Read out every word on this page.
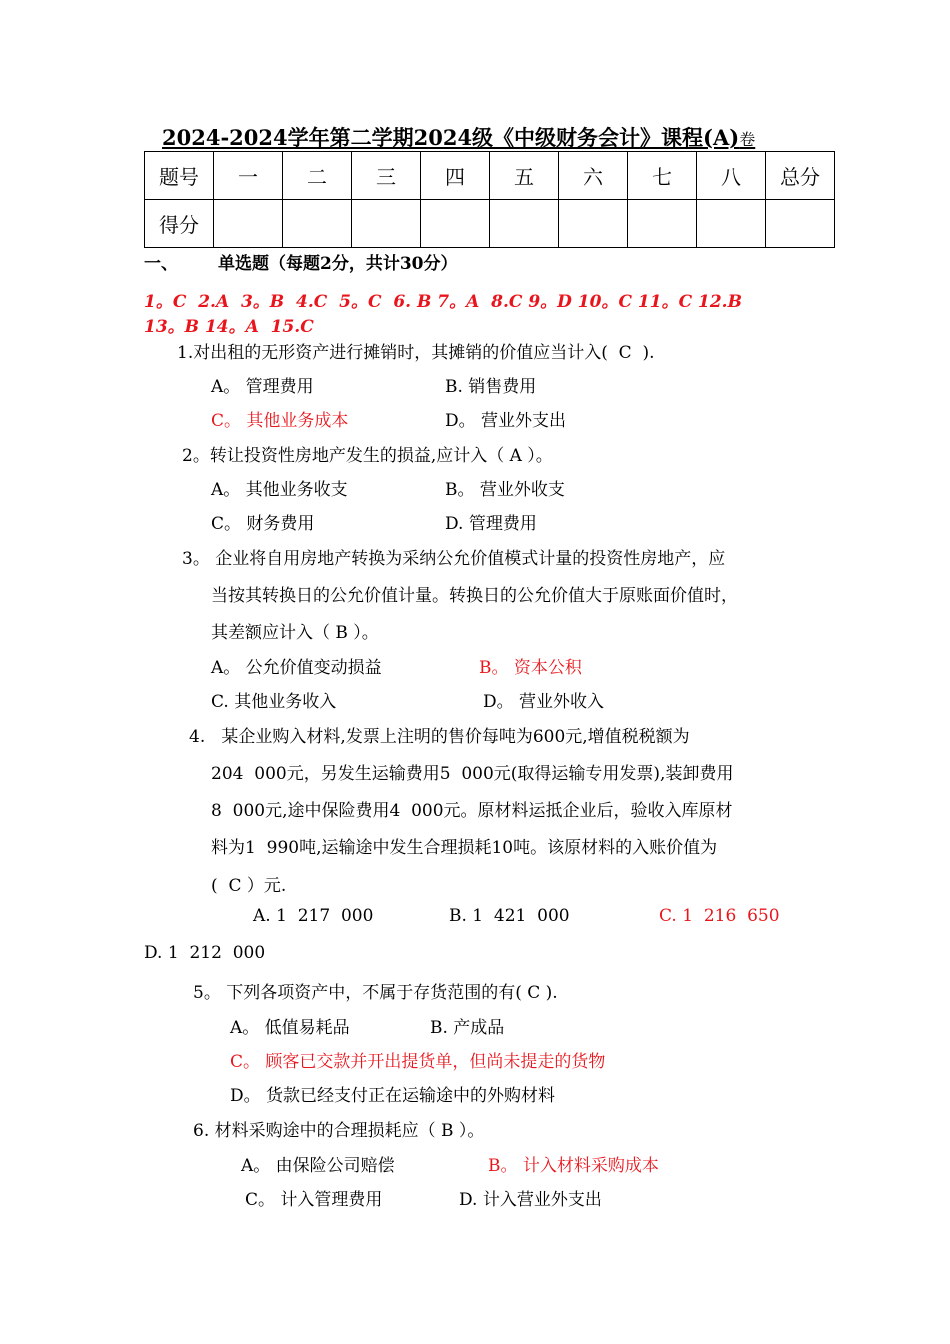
2024-2024学年第二学期2024级《中级财务会计》课程(A)卷
题号	一	二	三	四	五	六	七	八	总分
得分									
一、 单选题（每题2分，共计30分）
1。C  2.A  3。B  4.C  5。C  6. B 7。A  8.C 9。D 10。C 11。C 12.B
13。B 14。A  15.C
1.对出租的无形资产进行摊销时，其摊销的价值应当计入(  C  ).
A。 管理费用	B. 销售费用
C。 其他业务成本	D。 营业外支出
2。转让投资性房地产发生的损益,应计入（ A ）。
A。 其他业务收支	B。 营业外收支
C。 财务费用	D. 管理费用
3。 企业将自用房地产转换为采纳公允价值模式计量的投资性房地产，应
当按其转换日的公允价值计量。转换日的公允价值大于原账面价值时，
其差额应计入（ B ）。
A。 公允价值变动损益	B。 资本公积
C. 其他业务收入	D。 营业外收入
4.   某企业购入材料,发票上注明的售价每吨为600元,增值税税额为
204  000元，另发生运输费用5  000元(取得运输专用发票),装卸费用
8  000元,途中保险费用4  000元。原材料运抵企业后，验收入库原材
料为1  990吨,运输途中发生合理损耗10吨。该原材料的入账价值为
(  C ）元.
A. 1  217  000	B. 1  421  000	C. 1  216  650
D. 1  212  000
5。 下列各项资产中，不属于存货范围的有( C ).
A。 低值易耗品	B. 产成品
C。 顾客已交款并开出提货单，但尚未提走的货物
D。 货款已经支付正在运输途中的外购材料
6. 材料采购途中的合理损耗应（ B ）。
A。 由保险公司赔偿	B。 计入材料采购成本
C。 计入管理费用	D. 计入营业外支出
